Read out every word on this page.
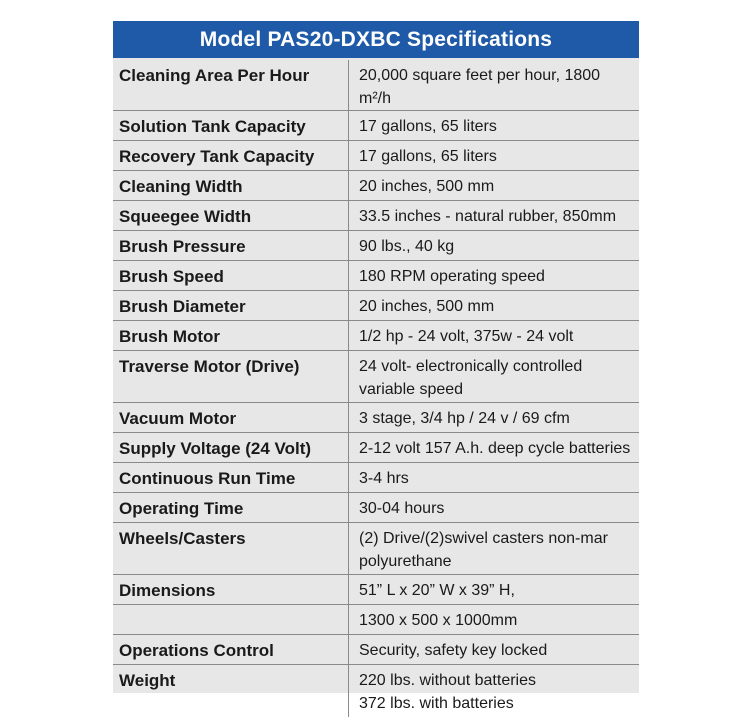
Model PAS20-DXBC Specifications
Cleaning Area Per Hour	20,000 square feet per hour, 1800 m²/h

Solution Tank Capacity	17 gallons, 65 liters

Recovery Tank Capacity	17 gallons, 65 liters

Cleaning Width	20 inches, 500 mm

Squeegee Width	33.5 inches - natural rubber, 850mm

Brush Pressure	90 lbs., 40 kg

Brush Speed	180 RPM operating speed

Brush Diameter	20 inches, 500 mm

Brush Motor	1/2 hp - 24 volt, 375w - 24 volt

Traverse Motor (Drive)	24 volt- electronically controlled
variable speed

Vacuum Motor	3 stage, 3/4 hp / 24 v / 69 cfm

Supply Voltage (24 Volt)	2-12 volt 157 A.h. deep cycle batteries

Continuous Run Time	3-4 hrs

Operating Time	30-04 hours

Wheels/Casters	(2) Drive/(2)swivel casters non-mar
polyurethane

Dimensions	51” L x 20” W x 39” H,

	1300 x 500 x 1000mm

Operations Control	Security, safety key locked

Weight	220 lbs. without batteries
372 lbs. with batteries
